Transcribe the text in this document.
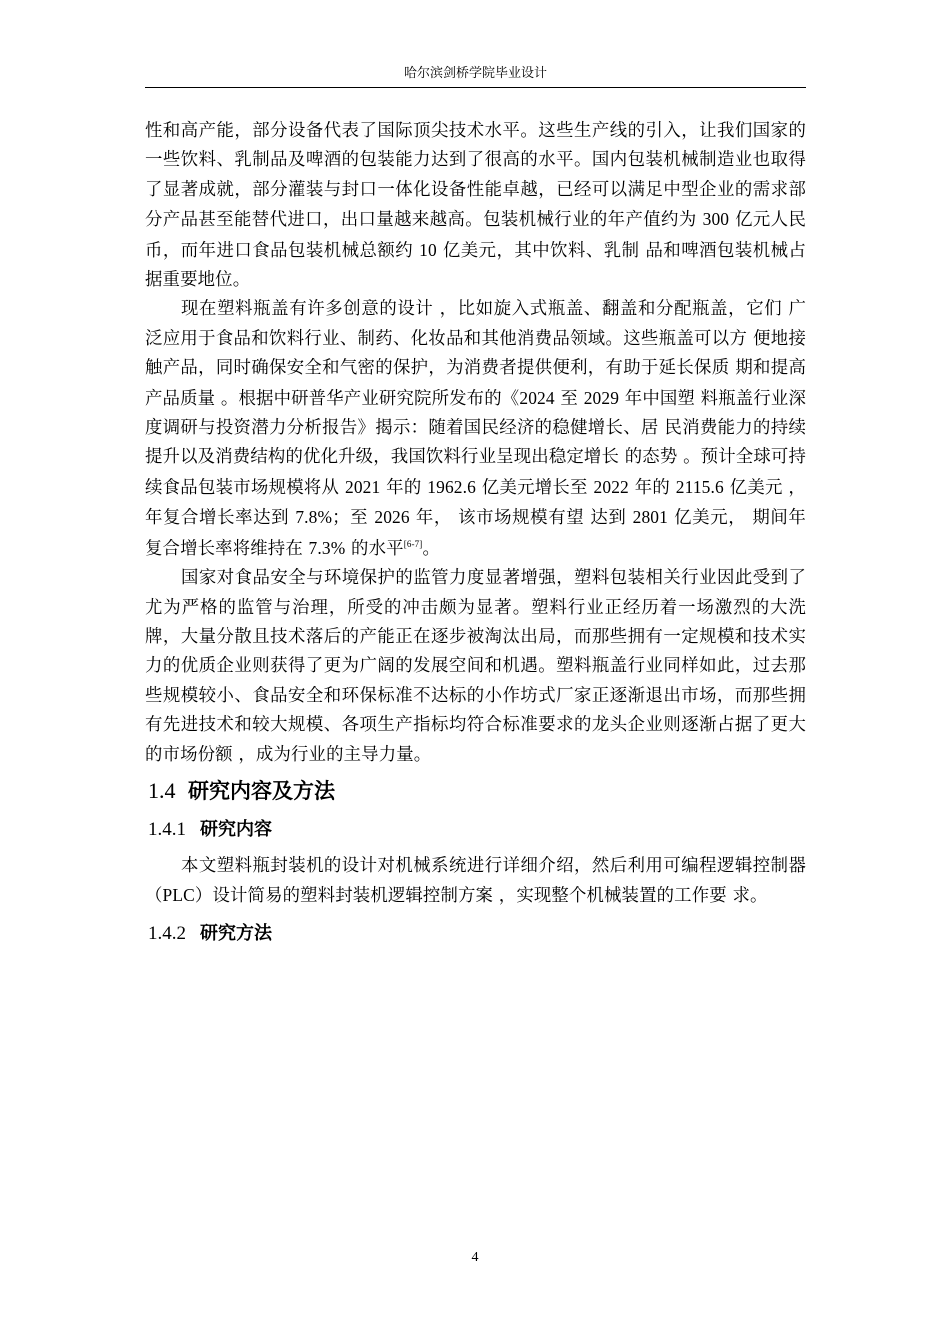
哈尔滨剑桥学院毕业设计

性和高产能，部分设备代表了国际顶尖技术水平。这些生产线的引入，让我们国家的一些饮料、乳制品及啤酒的包装能力达到了很高的水平。国内包装机械制造业也取得了显著成就，部分灌装与封口一体化设备性能卓越，已经可以满足中型企业的需求部分产品甚至能替代进口，出口量越来越高。包装机械行业的年产值约为 300 亿元人民币，而年进口食品包装机械总额约 10 亿美元，其中饮料、乳制 品和啤酒包装机械占据重要地位。

现在塑料瓶盖有许多创意的设计 ，比如旋入式瓶盖、翻盖和分配瓶盖，它们 广泛应用于食品和饮料行业、制药、化妆品和其他消费品领域。这些瓶盖可以方 便地接触产品，同时确保安全和气密的保护，为消费者提供便利，有助于延长保质 期和提高产品质量 。根据中研普华产业研究院所发布的《2024 至 2029 年中国塑 料瓶盖行业深度调研与投资潜力分析报告》揭示：随着国民经济的稳健增长、居 民消费能力的持续提升以及消费结构的优化升级，我国饮料行业呈现出稳定增长 的态势 。预计全球可持续食品包装市场规模将从 2021 年的 1962.6 亿美元增长至 2022 年的 2115.6 亿美元 ， 年复合增长率达到 7.8%；至 2026 年， 该市场规模有望 达到 2801 亿美元， 期间年复合增长率将维持在 7.3% 的水平[6-7]。

国家对食品安全与环境保护的监管力度显著增强，塑料包装相关行业因此受到了尤为严格的监管与治理，所受的冲击颇为显著。塑料行业正经历着一场激烈的大洗牌，大量分散且技术落后的产能正在逐步被淘汰出局，而那些拥有一定规模和技术实力的优质企业则获得了更为广阔的发展空间和机遇。塑料瓶盖行业同样如此，过去那些规模较小、食品安全和环保标准不达标的小作坊式厂家正逐渐退出市场，而那些拥有先进技术和较大规模、各项生产指标均符合标准要求的龙头企业则逐渐占据了更大的市场份额 ，成为行业的主导力量。

1.4 研究内容及方法
1.4.1 研究内容

本文塑料瓶封装机的设计对机械系统进行详细介绍，然后利用可编程逻辑控制器（PLC）设计简易的塑料封装机逻辑控制方案 ，实现整个机械装置的工作要 求。

1.4.2 研究方法
4
